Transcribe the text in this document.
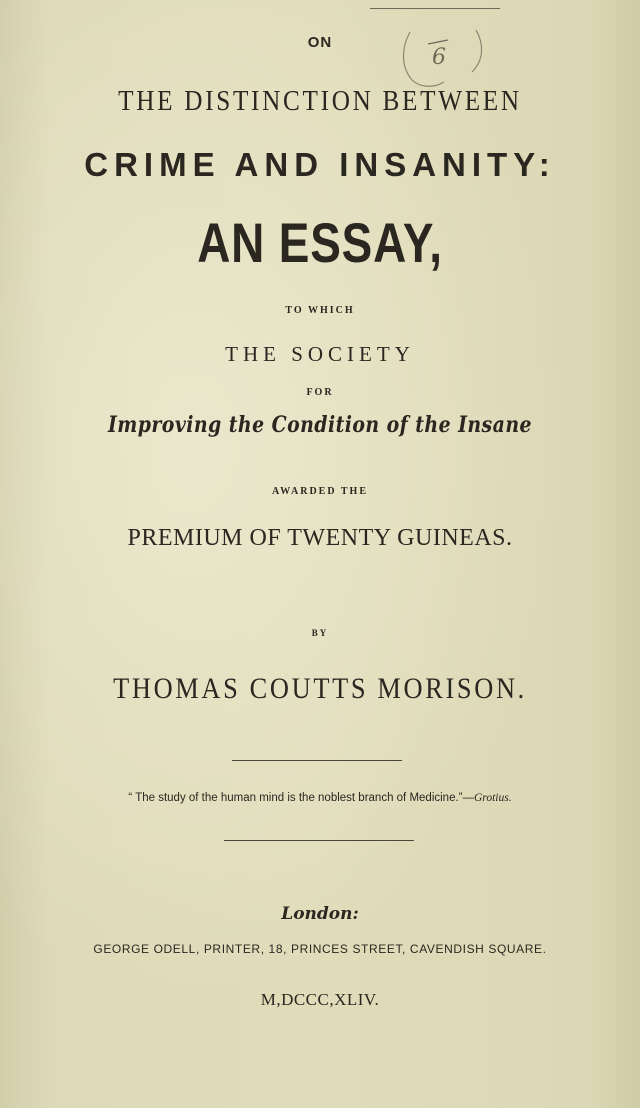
ON
6
THE DISTINCTION BETWEEN
CRIME AND INSANITY:
AN ESSAY,
TO WHICH
THE SOCIETY
FOR
Improving the Condition of the Insane
AWARDED THE
PREMIUM OF TWENTY GUINEAS.
BY
THOMAS COUTTS MORISON.
“ The study of the human mind is the noblest branch of Medicine.”—Grotius.
London:
GEORGE ODELL, PRINTER, 18, PRINCES STREET, CAVENDISH SQUARE.
M,DCCC,XLIV.
